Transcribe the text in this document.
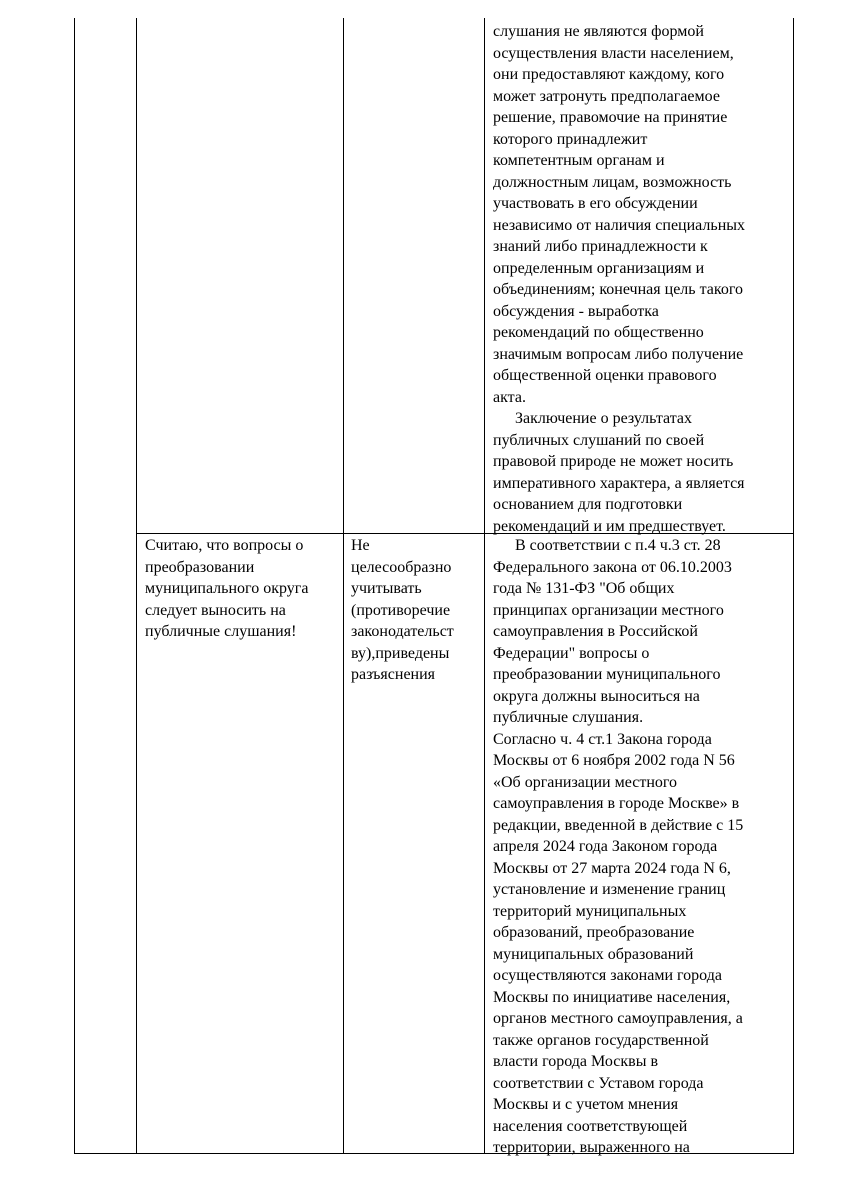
слушания не являются формой
осуществления власти населением,
они предоставляют каждому, кого
может затронуть предполагаемое
решение, правомочие на принятие
которого принадлежит
компетентным органам и
должностным лицам, возможность
участвовать в его обсуждении
независимо от наличия специальных
знаний либо принадлежности к
определенным организациям и
объединениям; конечная цель такого
обсуждения - выработка
рекомендаций по общественно
значимым вопросам либо получение
общественной оценки правового
акта.
Заключение о результатах
публичных слушаний по своей
правовой природе не может носить
императивного характера, а является
основанием для подготовки
рекомендаций и им предшествует.
Считаю, что вопросы о
преобразовании
муниципального округа
следует выносить на
публичные слушания!
Не
целесообразно
учитывать
(противоречие
законодательст
ву),приведены
разъяснения
В соответствии с п.4 ч.3 ст. 28
Федерального закона от 06.10.2003
года № 131-ФЗ "Об общих
принципах организации местного
самоуправления в Российской
Федерации" вопросы о
преобразовании муниципального
округа должны выноситься на
публичные слушания.
Согласно ч. 4 ст.1 Закона города
Москвы от 6 ноября 2002 года N 56
«Об организации местного
самоуправления в городе Москве» в
редакции, введенной в действие с 15
апреля 2024 года Законом города
Москвы от 27 марта 2024 года N 6,
установление и изменение границ
территорий муниципальных
образований, преобразование
муниципальных образований
осуществляются законами города
Москвы по инициативе населения,
органов местного самоуправления, а
также органов государственной
власти города Москвы в
соответствии с Уставом города
Москвы и с учетом мнения
населения соответствующей
территории, выраженного на
